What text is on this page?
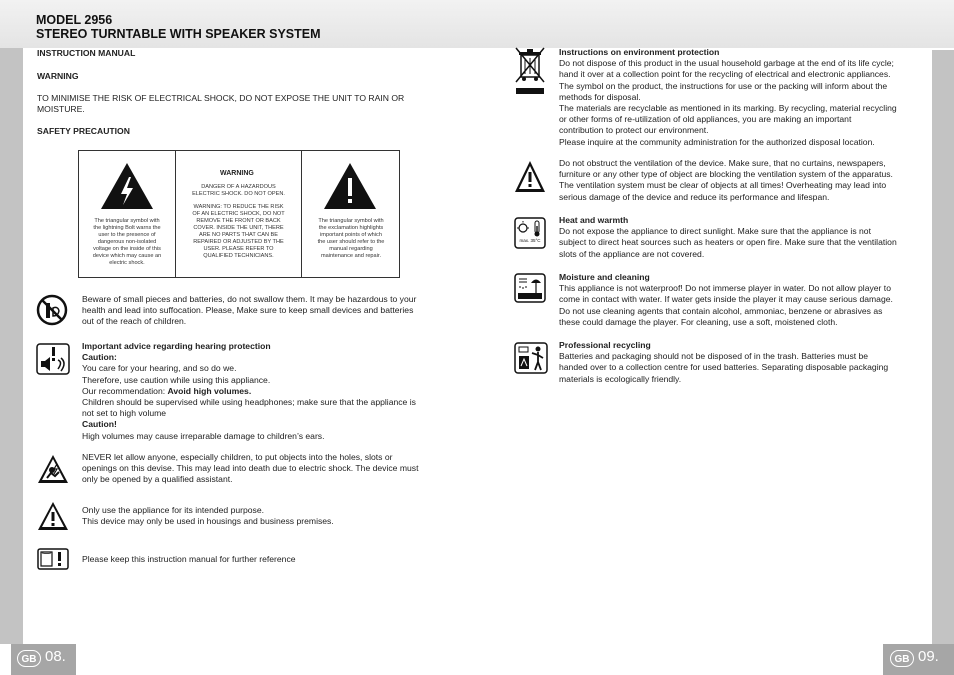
MODEL 2956
STEREO TURNTABLE WITH SPEAKER SYSTEM
INSTRUCTION MANUAL
WARNING
TO MINIMISE THE RISK OF ELECTRICAL SHOCK, DO NOT EXPOSE THE UNIT TO RAIN OR
MOISTURE.
SAFETY PRECAUTION
The triangular symbol with
the lightning Bolt warns the
user to the presence of
dangerous non-isolated
voltage on the inside of this
device which may cause an
electric shock.
WARNING
DANGER OF A HAZARDOUS
ELECTRIC SHOCK. DO NOT OPEN.
WARNING: TO REDUCE THE RISK
OF AN ELECTRIC SHOCK, DO NOT
REMOVE THE FRONT OR BACK
COVER. INSIDE THE UNIT, THERE
ARE NO PARTS THAT CAN BE
REPAIRED OR ADJUSTED BY THE
USER. PLEASE REFER TO
QUALIFIED TECHNICIANS.
The triangular symbol with
the exclamation highlights
important points of which
the user should refer to the
manual regarding
maintenance and repair.
Beware of small pieces and batteries, do not swallow them. It may be hazardous to your
health and lead into suffocation. Please, Make sure to keep small devices and batteries
out of the reach of children.
Important advice regarding hearing protection
Caution:
You care for your hearing, and so do we.
Therefore, use caution while using this appliance.
Our recommendation: Avoid high volumes.
Children should be supervised while using headphones; make sure that the appliance is
not set to high volume
Caution!
High volumes may cause irreparable damage to children’s ears.
NEVER let allow anyone, especially children, to put objects into the holes, slots or
openings on this devise. This may lead into death due to electric shock. The device must
only be opened by a qualified assistant.
Only use the appliance for its intended purpose.
This device may only be used in housings and business premises.
Please keep this instruction manual for further reference
GB 08.
Instructions on environment protection
Do not dispose of this product in the usual household garbage at the end of its life cycle;
hand it over at a collection point for the recycling of electrical and electronic appliances.
The symbol on the product, the instructions for use or the packing will inform about the
methods for disposal.
The materials are recyclable as mentioned in its marking. By recycling, material recycling
or other forms of re-utilization of old appliances, you are making an important
contribution to protect our environment.
Please inquire at the community administration for the authorized disposal location.
Do not obstruct the ventilation of the device. Make sure, that no curtains, newspapers,
furniture or any other type of object are blocking the ventilation system of the apparatus.
The ventilation system must be clear of objects at all times! Overheating may lead into
serious damage of the device and reduce its performance and lifespan.
max. 35°C
Heat and warmth
Do not expose the appliance to direct sunlight. Make sure that the appliance is not
subject to direct heat sources such as heaters or open fire. Make sure that the ventilation
slots of the appliance are not covered.
Moisture and cleaning
This appliance is not waterproof! Do not immerse player in water. Do not allow player to
come in contact with water. If water gets inside the player it may cause serious damage.
Do not use cleaning agents that contain alcohol, ammoniac, benzene or abrasives as
these could damage the player. For cleaning, use a soft, moistened cloth.
Professional recycling
Batteries and packaging should not be disposed of in the trash. Batteries must be
handed over to a collection centre for used batteries. Separating disposable packaging
materials is ecologically friendly.
GB 09.
